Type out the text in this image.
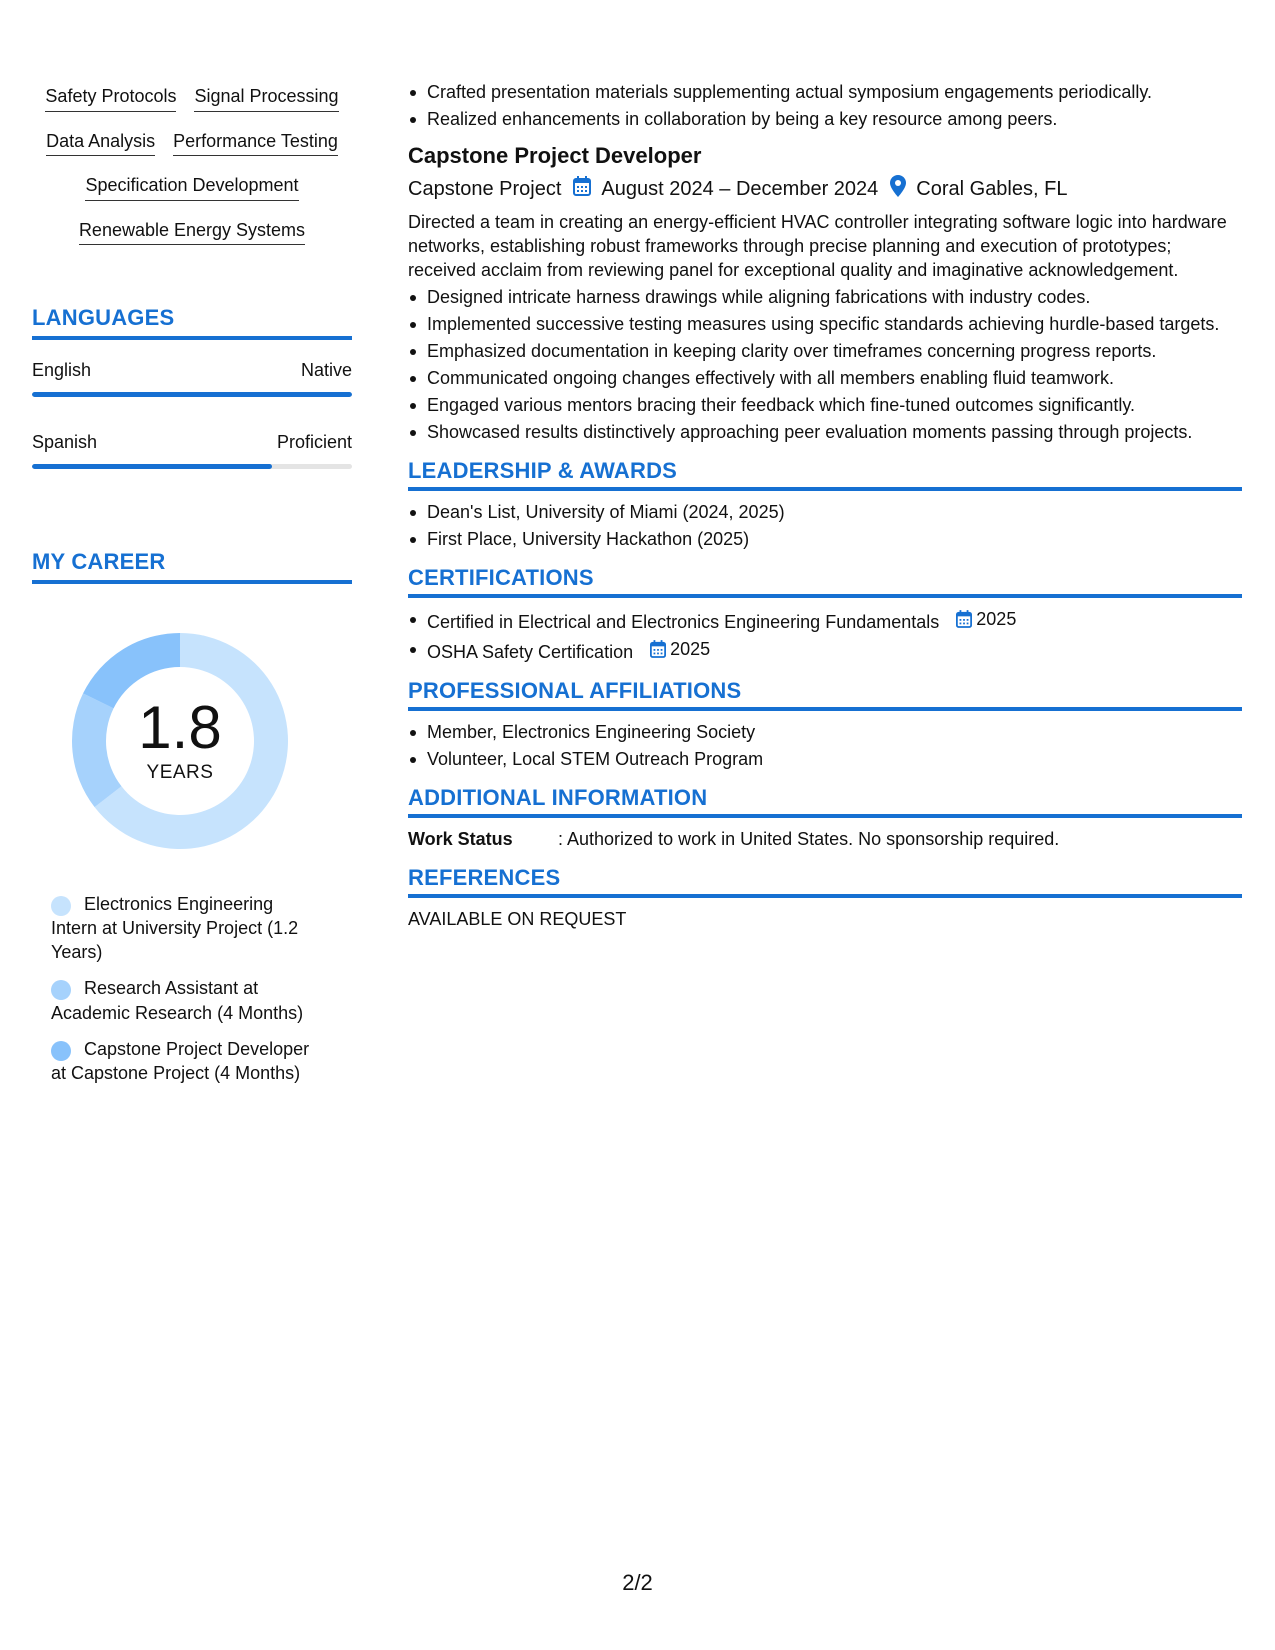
Safety Protocols Signal Processing
Data Analysis Performance Testing
Specification Development
Renewable Energy Systems
LANGUAGES
English	Native
Spanish	Proficient
MY CAREER
1.8
YEARS
Electronics Engineering Intern at University Project (1.2 Years)
Research Assistant at Academic Research (4 Months)
Capstone Project Developer at Capstone Project (4 Months)
Crafted presentation materials supplementing actual symposium engagements periodically.
Realized enhancements in collaboration by being a key resource among peers.
Capstone Project Developer
Capstone Project August 2024 – December 2024 Coral Gables, FL
Directed a team in creating an energy-efficient HVAC controller integrating software logic into hardware networks, establishing robust frameworks through precise planning and execution of prototypes; received acclaim from reviewing panel for exceptional quality and imaginative acknowledgement.
Designed intricate harness drawings while aligning fabrications with industry codes.
Implemented successive testing measures using specific standards achieving hurdle-based targets.
Emphasized documentation in keeping clarity over timeframes concerning progress reports.
Communicated ongoing changes effectively with all members enabling fluid teamwork.
Engaged various mentors bracing their feedback which fine-tuned outcomes significantly.
Showcased results distinctively approaching peer evaluation moments passing through projects.
LEADERSHIP & AWARDS
Dean's List, University of Miami (2024, 2025)
First Place, University Hackathon (2025)
CERTIFICATIONS
Certified in Electrical and Electronics Engineering Fundamentals 2025
OSHA Safety Certification 2025
PROFESSIONAL AFFILIATIONS
Member, Electronics Engineering Society
Volunteer, Local STEM Outreach Program
ADDITIONAL INFORMATION
Work Status	: Authorized to work in United States. No sponsorship required.
REFERENCES
AVAILABLE ON REQUEST
2/2
